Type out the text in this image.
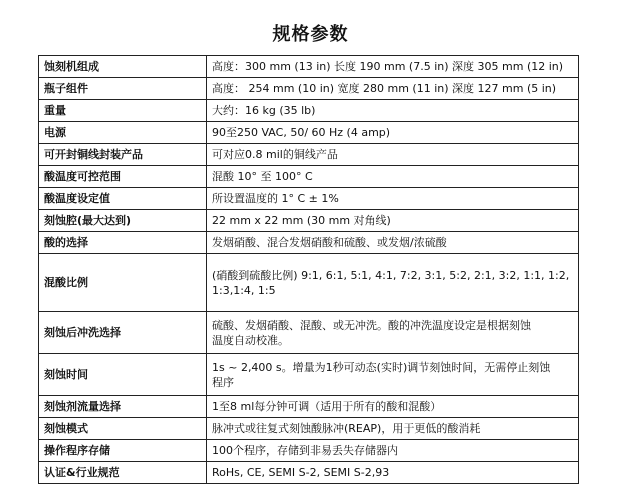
规格参数
蚀刻机组成	高度：300 mm (13 in) 长度 190 mm (7.5 in) 深度 305 mm (12 in)
瓶子组件	高度： 254 mm (10 in) 宽度 280 mm (11 in) 深度 127 mm (5 in)
重量	大约：16 kg (35 lb)
电源	90至250 VAC, 50/ 60 Hz (4 amp)
可开封铜线封装产品	可对应0.8 mil的铜线产品
酸温度可控范围	混酸 10° 至 100° C
酸温度设定值	所设置温度的 1° C ± 1%
刻蚀腔(最大达到)	22 mm x 22 mm (30 mm 对角线)
酸的选择	发烟硝酸、混合发烟硝酸和硫酸、或发烟/浓硫酸
混酸比例	(硝酸到硫酸比例) 9:1, 6:1, 5:1, 4:1, 7:2, 3:1, 5:2, 2:1, 3:2, 1:1, 1:2,
1:3,1:4, 1:5

刻蚀后冲洗选择	硫酸、发烟硝酸、混酸、或无冲洗。酸的冲洗温度设定是根据刻蚀
温度自动校准。

刻蚀时间	1s ~ 2,400 s。增量为1秒可动态(实时)调节刻蚀时间，无需停止刻蚀
程序

刻蚀剂流量选择	1至8 ml每分钟可调（适用于所有的酸和混酸）
刻蚀模式	脉冲式或往复式刻蚀酸脉冲(REAP)，用于更低的酸消耗
操作程序存储	100个程序，存储到非易丢失存储器内
认证&行业规范	RoHs, CE, SEMI S-2, SEMI S-2,93
